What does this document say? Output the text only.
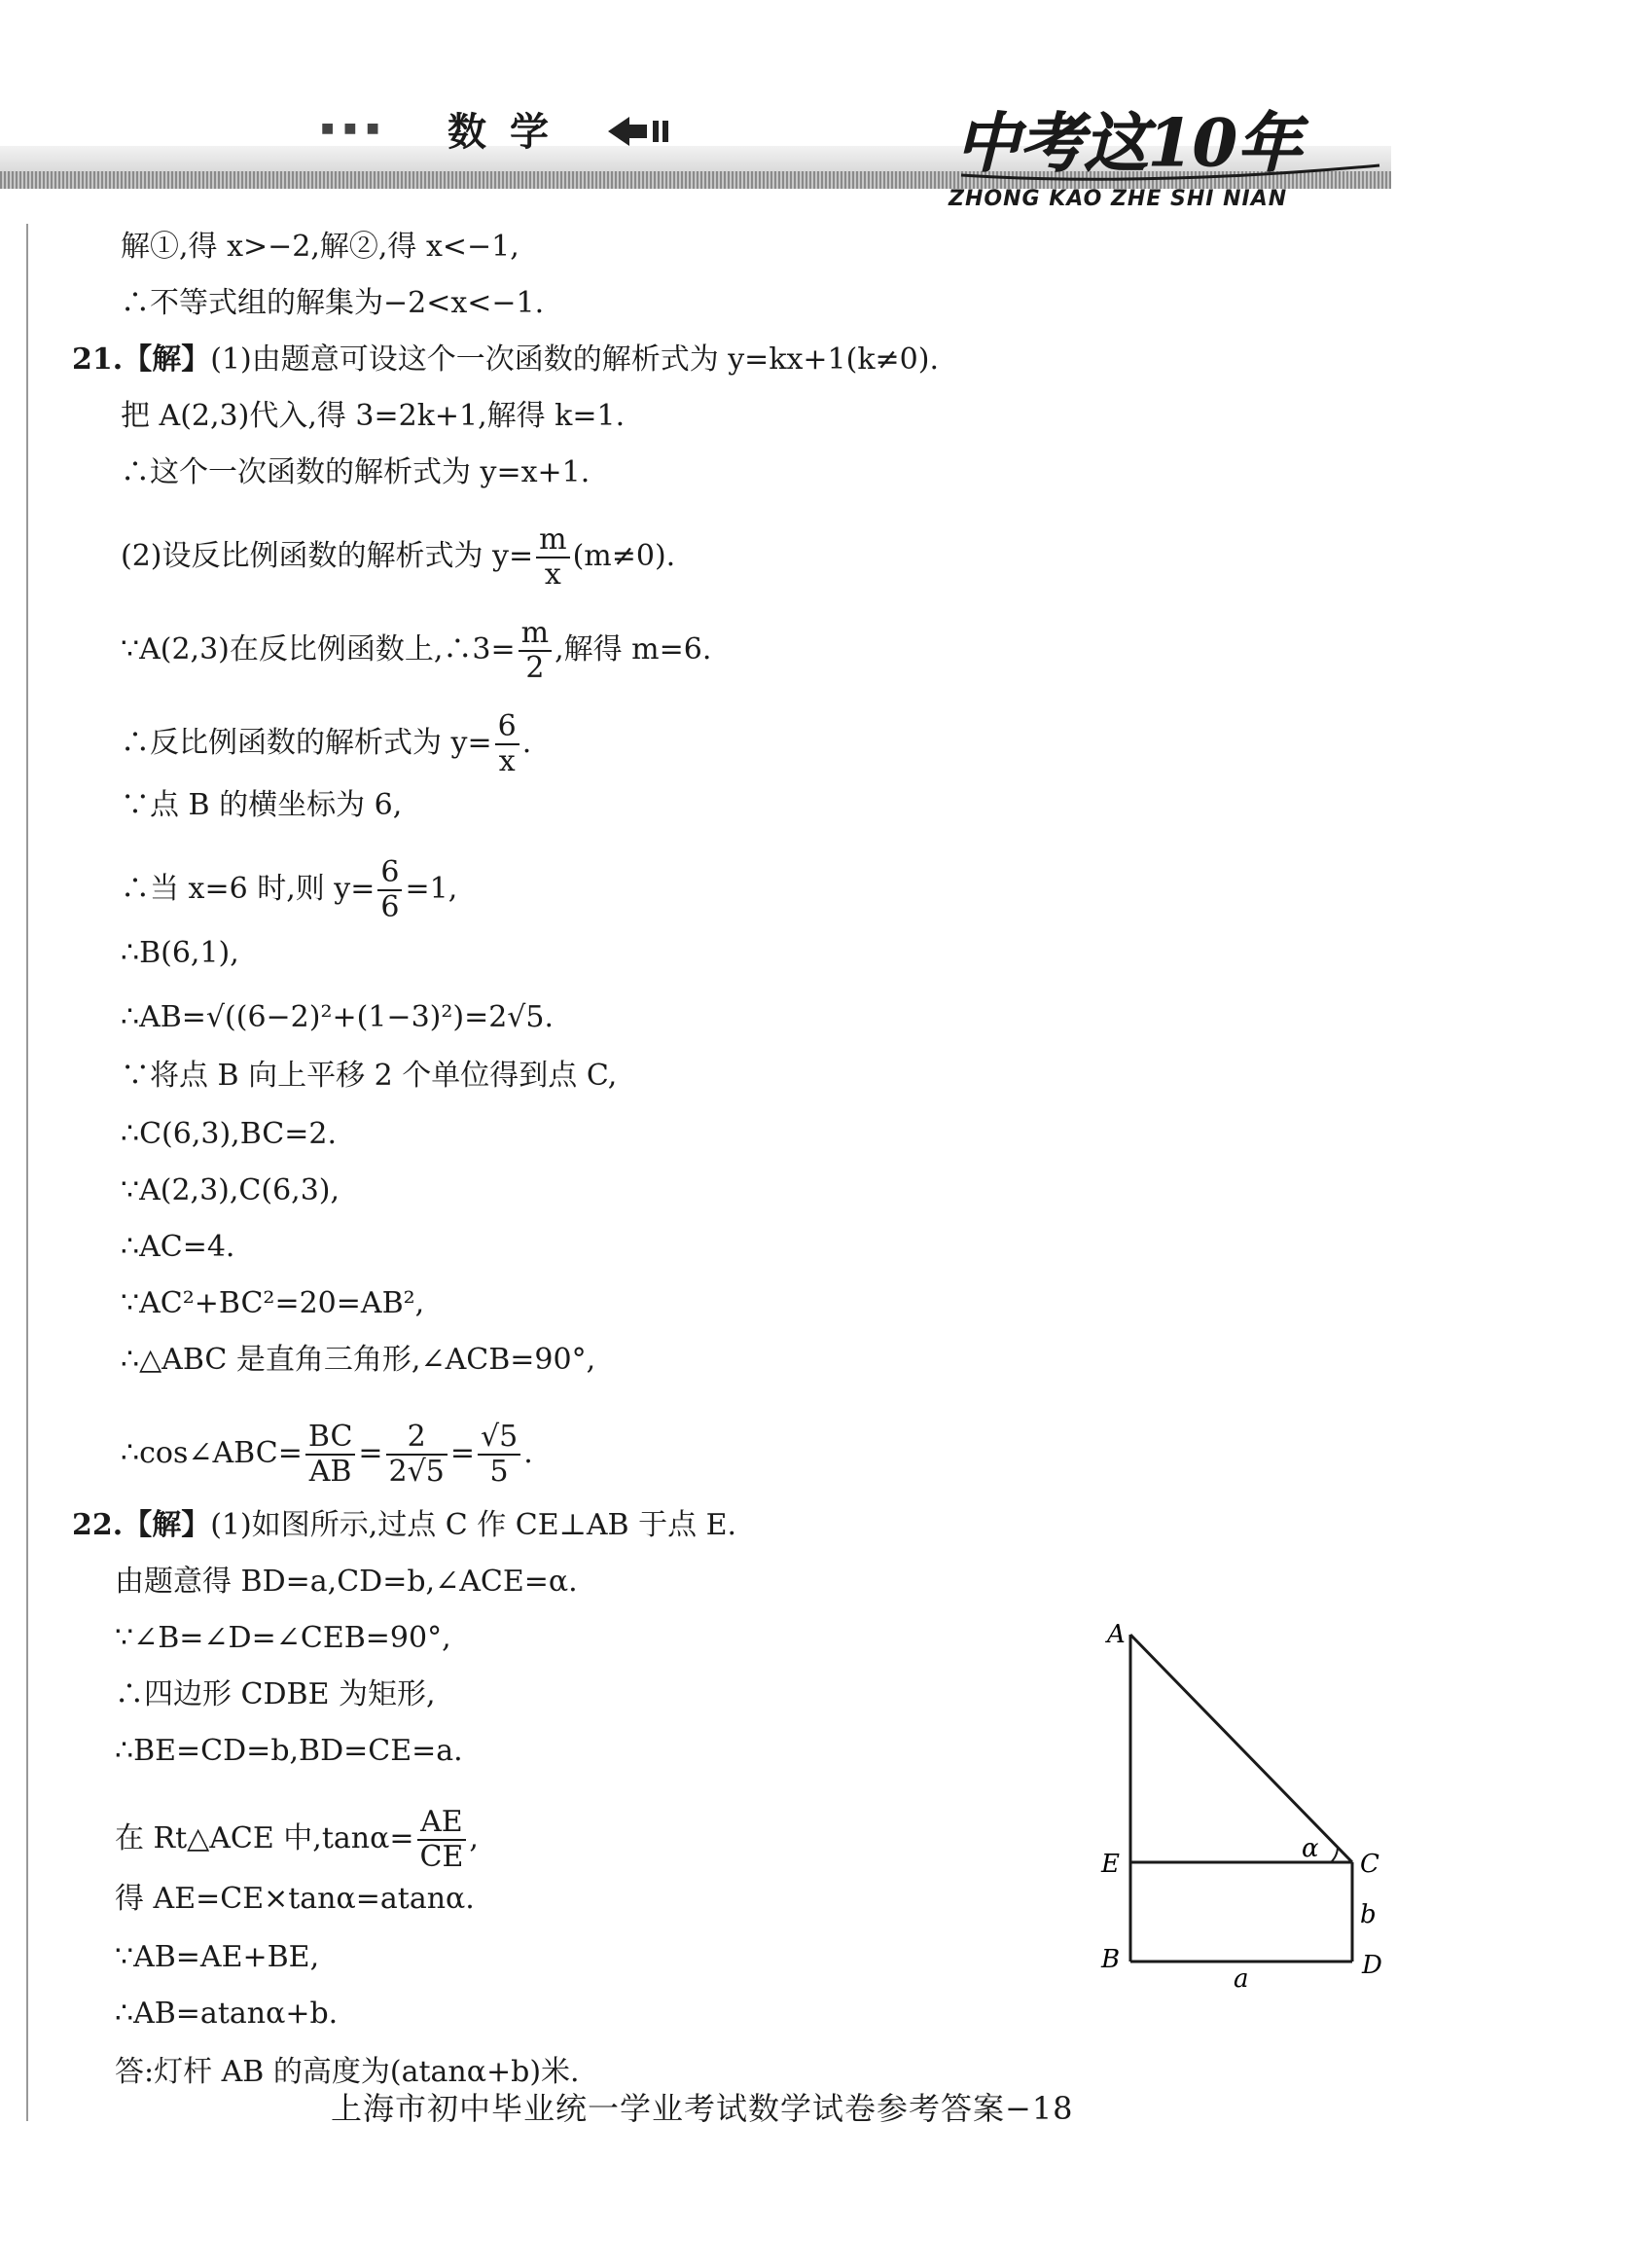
■■■ 数学	中考这10年
ZHONG KAO ZHE SHI NIAN
解①,得 x>−2,解②,得 x<−1,
∴不等式组的解集为−2<x<−1.
21.【解】(1)由题意可设这个一次函数的解析式为 y=kx+1(k≠0).
把 A(2,3)代入,得 3=2k+1,解得 k=1.
∴这个一次函数的解析式为 y=x+1.
(2)设反比例函数的解析式为 $y= \frac{m}{x} (m\ne 0)$.
∵A(2,3)在反比例函数上,∴3= $\frac{m}{2}$ ,解得 m=6.
∴反比例函数的解析式为 $y= \frac{6}{x}$ .
∵点 B 的横坐标为 6,
∴当 x=6 时,则 $y= \frac{6}{6} =1$,
∴B(6,1),
∴AB=√((6−2)²+(1−3)²)=2√5.
∵将点 B 向上平移 2 个单位得到点 C,
∴C(6,3),BC=2.
∵A(2,3),C(6,3),
∴AC=4.
∵AC²+BC²=20=AB²,
∴△ABC 是直角三角形,∠ACB=90°,
∴cos∠ABC= $\frac{BC}{AB} = \frac{2}{2√5} = \frac{√5}{5}$ .
22.【解】(1)如图所示,过点 C 作 CE⊥AB 于点 E.
由题意得 BD=a,CD=b,∠ACE=α.
∵∠B=∠D=∠CEB=90°,
∴四边形 CDBE 为矩形,
∴BE=CD=b,BD=CE=a.
在 Rt△ACE 中$,\tan\alpha= \frac{AE}{CE}$ ,
得 AE=CE×tanα=atanα.
∵AB=AE+BE,
∴AB=atanα+b.
答:灯杆 AB 的高度为(atanα+b)米.
A
E
B
C
D
α
a
b
上海市初中毕业统一学业考试数学试卷参考答案−18
